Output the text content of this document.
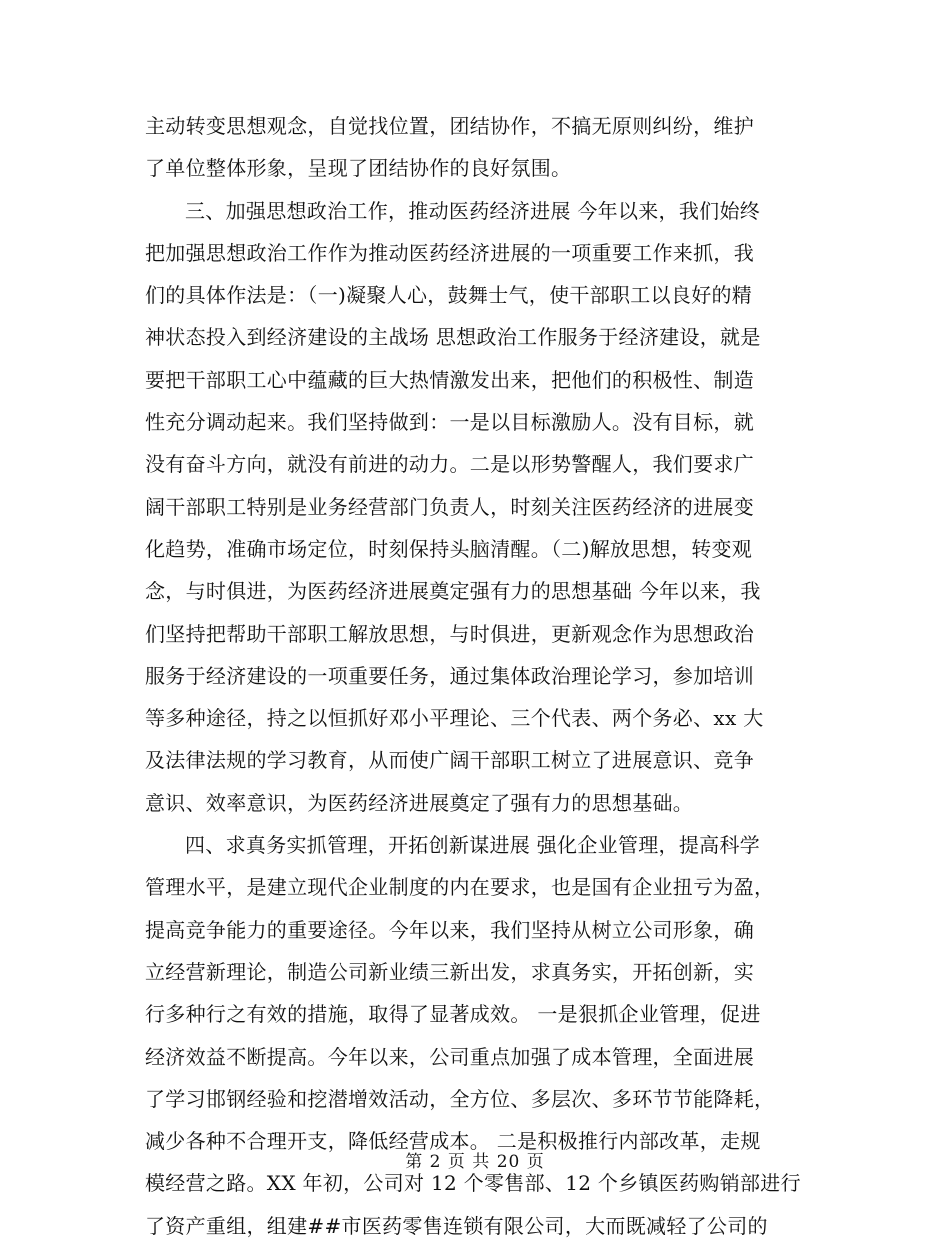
主动转变思想观念，自觉找位置，团结协作，不搞无原则纠纷，维护
了单位整体形象，呈现了团结协作的良好氛围。
三、加强思想政治工作，推动医药经济进展 今年以来，我们始终
把加强思想政治工作作为推动医药经济进展的一项重要工作来抓，我
们的具体作法是：（一)凝聚人心，鼓舞士气，使干部职工以良好的精
神状态投入到经济建设的主战场 思想政治工作服务于经济建设，就是
要把干部职工心中蕴藏的巨大热情激发出来，把他们的积极性、制造
性充分调动起来。我们坚持做到：一是以目标激励人。没有目标，就
没有奋斗方向，就没有前进的动力。二是以形势警醒人，我们要求广
阔干部职工特别是业务经营部门负责人，时刻关注医药经济的进展变
化趋势，准确市场定位，时刻保持头脑清醒。（二)解放思想，转变观
念，与时俱进，为医药经济进展奠定强有力的思想基础 今年以来，我
们坚持把帮助干部职工解放思想，与时俱进，更新观念作为思想政治
服务于经济建设的一项重要任务，通过集体政治理论学习，参加培训
等多种途径，持之以恒抓好邓小平理论、三个代表、两个务必、xx 大
及法律法规的学习教育，从而使广阔干部职工树立了进展意识、竞争
意识、效率意识，为医药经济进展奠定了强有力的思想基础。
四、求真务实抓管理，开拓创新谋进展 强化企业管理，提高科学
管理水平，是建立现代企业制度的内在要求，也是国有企业扭亏为盈，
提高竞争能力的重要途径。今年以来，我们坚持从树立公司形象，确
立经营新理论，制造公司新业绩三新出发，求真务实，开拓创新，实
行多种行之有效的措施，取得了显著成效。 一是狠抓企业管理，促进
经济效益不断提高。今年以来，公司重点加强了成本管理，全面进展
了学习邯钢经验和挖潜增效活动，全方位、多层次、多环节节能降耗，
减少各种不合理开支，降低经营成本。 二是积极推行内部改革，走规
模经营之路。XX 年初，公司对 12 个零售部、12 个乡镇医药购销部进行
了资产重组，组建##市医药零售连锁有限公司，大而既减轻了公司的
第 2 页 共 20 页
